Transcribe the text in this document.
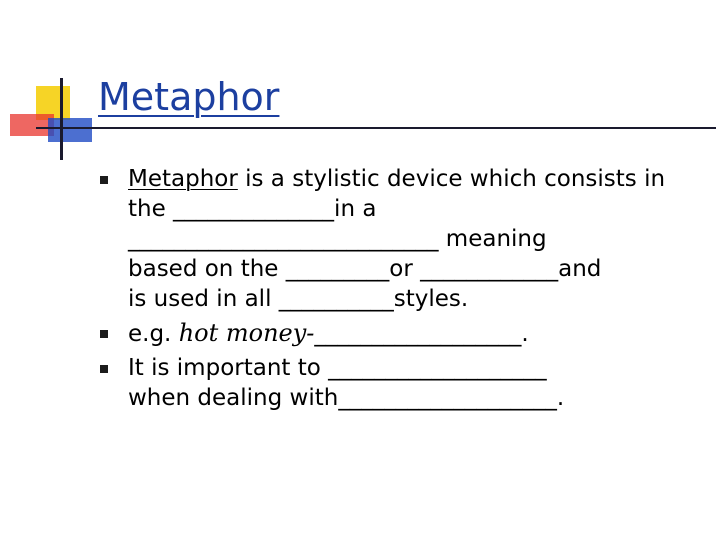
Metaphor
Metaphor is a stylistic device which consists in
the ______________in a
___________________________ meaning
based on the _________or ____________and
is used in all __________styles.
e.g. hot money-__________________.
It is important to ___________________
when dealing with___________________.
